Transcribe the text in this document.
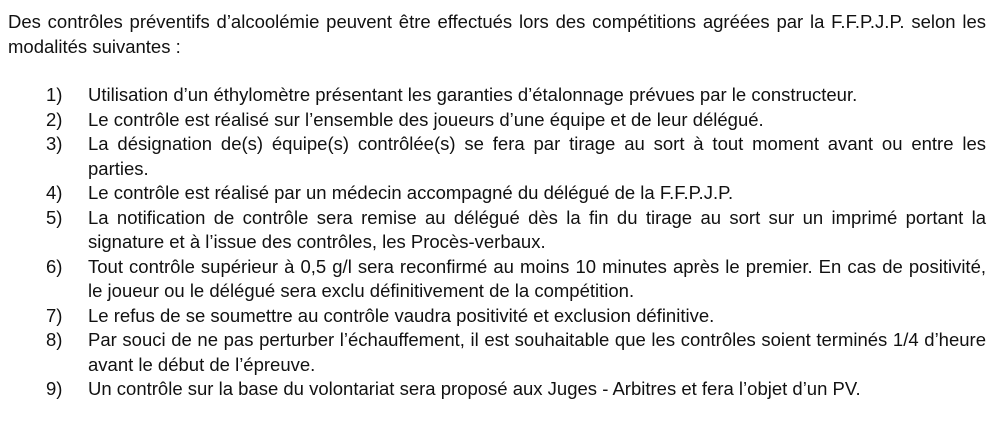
Des contrôles préventifs d’alcoolémie peuvent être effectués lors des compétitions agréées par la F.F.P.J.P. selon les modalités suivantes :

1)	Utilisation d’un éthylomètre présentant les garanties d’étalonnage prévues par le constructeur.
2)	Le contrôle est réalisé sur l’ensemble des joueurs d’une équipe et de leur délégué.
3)	La désignation de(s) équipe(s) contrôlée(s) se fera par tirage au sort à tout moment avant ou entre les parties.
4)	Le contrôle est réalisé par un médecin accompagné du délégué de la F.F.P.J.P.
5)	La notification de contrôle sera remise au délégué dès la fin du tirage au sort sur un imprimé portant la signature et à l’issue des contrôles, les Procès-verbaux.
6)	Tout contrôle supérieur à 0,5 g/l sera reconfirmé au moins 10 minutes après le premier. En cas de positivité, le joueur ou le délégué sera exclu définitivement de la compétition.
7)	Le refus de se soumettre au contrôle vaudra positivité et exclusion définitive.
8)	Par souci de ne pas perturber l’échauffement, il est souhaitable que les contrôles soient terminés 1/4 d’heure avant le début de l’épreuve.
9)	Un contrôle sur la base du volontariat sera proposé aux Juges - Arbitres et fera l’objet d’un PV.
